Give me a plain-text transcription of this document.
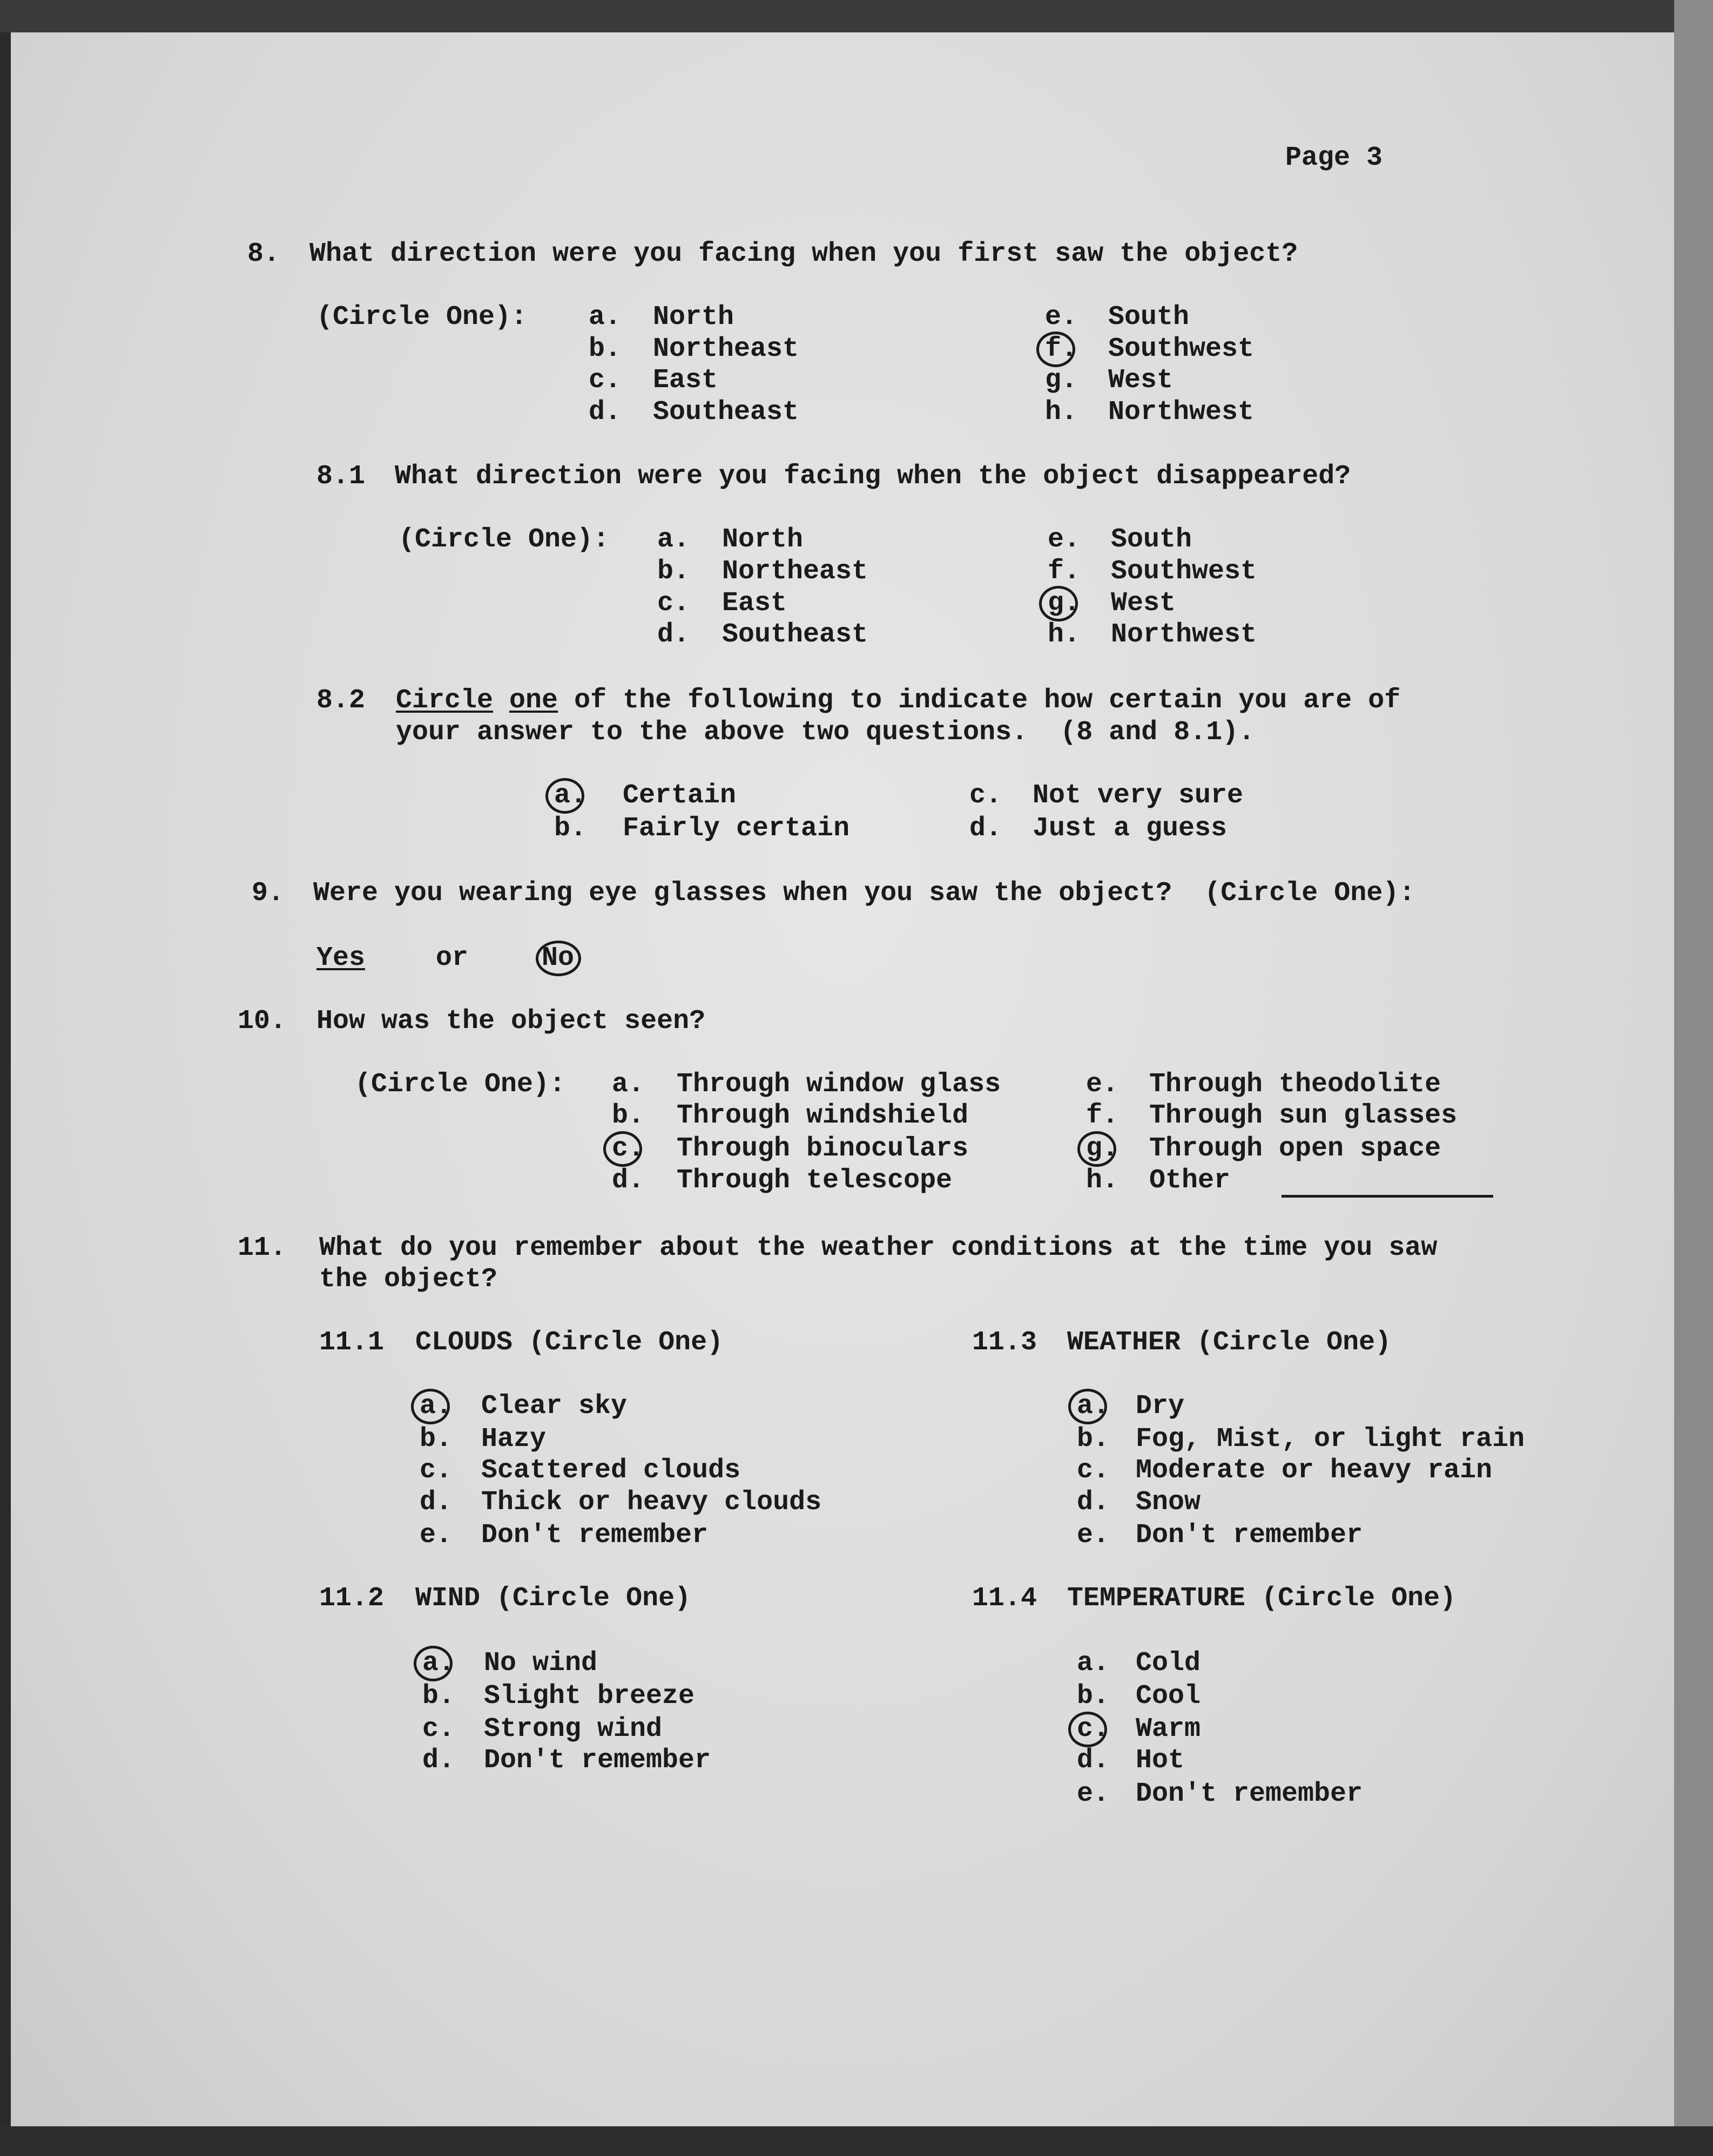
Page 3
8. What direction were you facing when you first saw the object?
(Circle One):
8.1 What direction were you facing when the object disappeared?
(Circle One):
8.2 Circle one of the following to indicate how certain you are of
your answer to the above two questions.  (8 and 8.1).
9. Were you wearing eye glasses when you saw the object?  (Circle One):
Yes	or	No
10. How was the object seen?
(Circle One):
11. What do you remember about the weather conditions at the time you saw
the object?
11.1 CLOUDS (Circle One)	11.3 WEATHER (Circle One)
11.2 WIND (Circle One)	11.4 TEMPERATURE (Circle One)
a. North
b. Northeast
c. East
d. Southeast
e. South
f. Southwest
g. West
h. Northwest
a. North
b. Northeast
c. East
d. Southeast
e. South
f. Southwest
g. West
h. Northwest
a. Certain
b. Fairly certain
c. Not very sure
d. Just a guess
a. Through window glass
b. Through windshield
c. Through binoculars
d. Through telescope
e. Through theodolite
f. Through sun glasses
g. Through open space
h. Other
a. Clear sky
b. Hazy
c. Scattered clouds
d. Thick or heavy clouds
e. Don't remember
a. Dry
b. Fog, Mist, or light rain
c. Moderate or heavy rain
d. Snow
e. Don't remember
a. No wind
b. Slight breeze
c. Strong wind
d. Don't remember
a. Cold
b. Cool
c. Warm
d. Hot
e. Don't remember
